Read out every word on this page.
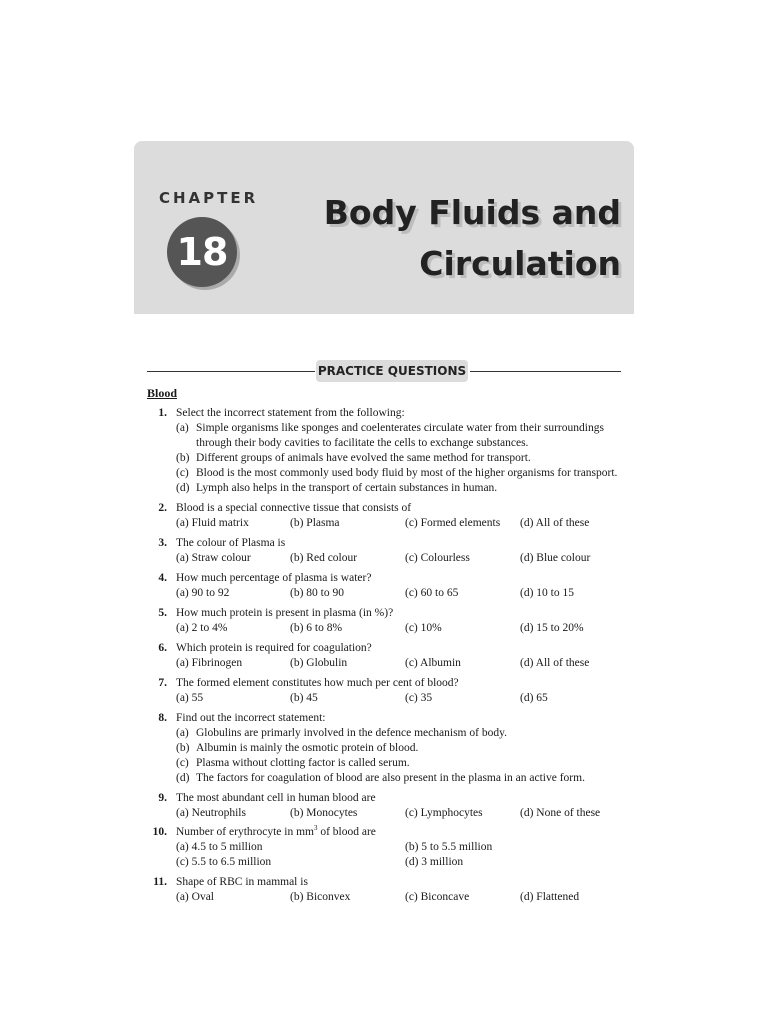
CHAPTER
18
Body Fluids and
Circulation
PRACTICE QUESTIONS
Blood
1. Select the incorrect statement from the following:
(a) Simple organisms like sponges and coelenterates circulate water from their surroundings through their body cavities to facilitate the cells to exchange substances.
(b) Different groups of animals have evolved the same method for transport.
(c) Blood is the most commonly used body fluid by most of the higher organisms for transport.
(d) Lymph also helps in the transport of certain substances in human.
2. Blood is a special connective tissue that consists of
(a) Fluid matrix	(b) Plasma	(c) Formed elements (d) All of these
3. The colour of Plasma is
(a) Straw colour	(b) Red colour	(c) Colourless	(d) Blue colour
4. How much percentage of plasma is water?
(a) 90 to 92	(b) 80 to 90	(c) 60 to 65	(d) 10 to 15
5. How much protein is present in plasma (in %)?
(a) 2 to 4%	(b) 6 to 8%	(c) 10%	(d) 15 to 20%
6. Which protein is required for coagulation?
(a) Fibrinogen	(b) Globulin	(c) Albumin	(d) All of these
7. The formed element constitutes how much per cent of blood?
(a) 55	(b) 45	(c) 35	(d) 65
8. Find out the incorrect statement:
(a) Globulins are primarly involved in the defence mechanism of body.
(b) Albumin is mainly the osmotic protein of blood.
(c) Plasma without clotting factor is called serum.
(d) The factors for coagulation of blood are also present in the plasma in an active form.
9. The most abundant cell in human blood are
(a) Neutrophils	(b) Monocytes	(c) Lymphocytes	(d) None of these
10. Number of erythrocyte in $mm^3$ of blood are
(a) 4.5 to 5 million	(b) 5 to 5.5 million
(c) 5.5 to 6.5 million	(d) 3 million
11. Shape of RBC in mammal is
(a) Oval	(b) Biconvex	(c) Biconcave	(d) Flattened
